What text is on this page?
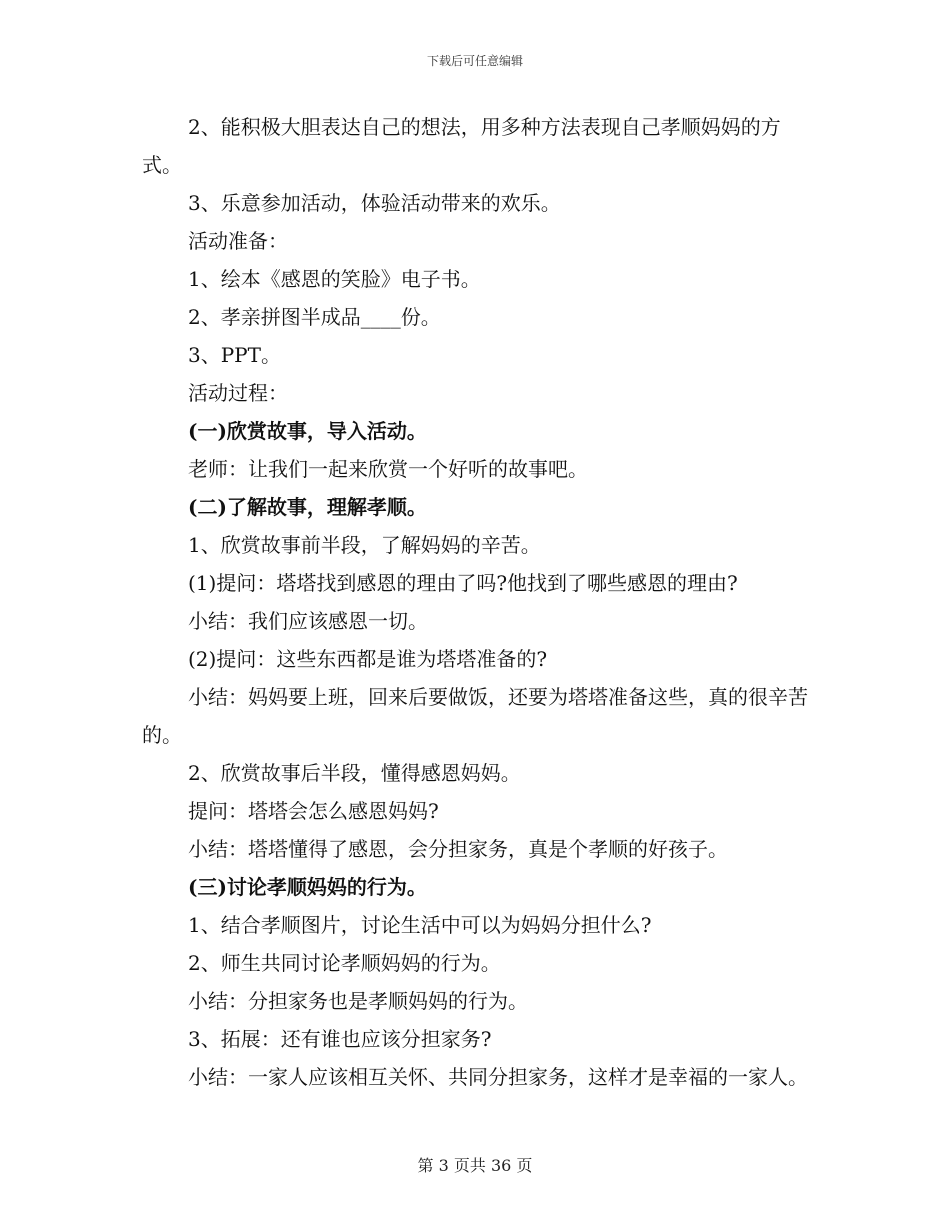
下载后可任意编辑

2、能积极大胆表达自己的想法，用多种方法表现自己孝顺妈妈的方式。

3、乐意参加活动，体验活动带来的欢乐。

活动准备：

1、绘本《感恩的笑脸》电子书。

2、孝亲拼图半成品____份。

3、PPT。

活动过程：

(一)欣赏故事，导入活动。

老师：让我们一起来欣赏一个好听的故事吧。

(二)了解故事，理解孝顺。

1、欣赏故事前半段，了解妈妈的辛苦。

(1)提问：塔塔找到感恩的理由了吗?他找到了哪些感恩的理由?

小结：我们应该感恩一切。

(2)提问：这些东西都是谁为塔塔准备的?

小结：妈妈要上班，回来后要做饭，还要为塔塔准备这些，真的很辛苦的。

2、欣赏故事后半段，懂得感恩妈妈。

提问：塔塔会怎么感恩妈妈?

小结：塔塔懂得了感恩，会分担家务，真是个孝顺的好孩子。

(三)讨论孝顺妈妈的行为。

1、结合孝顺图片，讨论生活中可以为妈妈分担什么?

2、师生共同讨论孝顺妈妈的行为。

小结：分担家务也是孝顺妈妈的行为。

3、拓展：还有谁也应该分担家务?

小结：一家人应该相互关怀、共同分担家务，这样才是幸福的一家人。

第 3 页共 36 页
